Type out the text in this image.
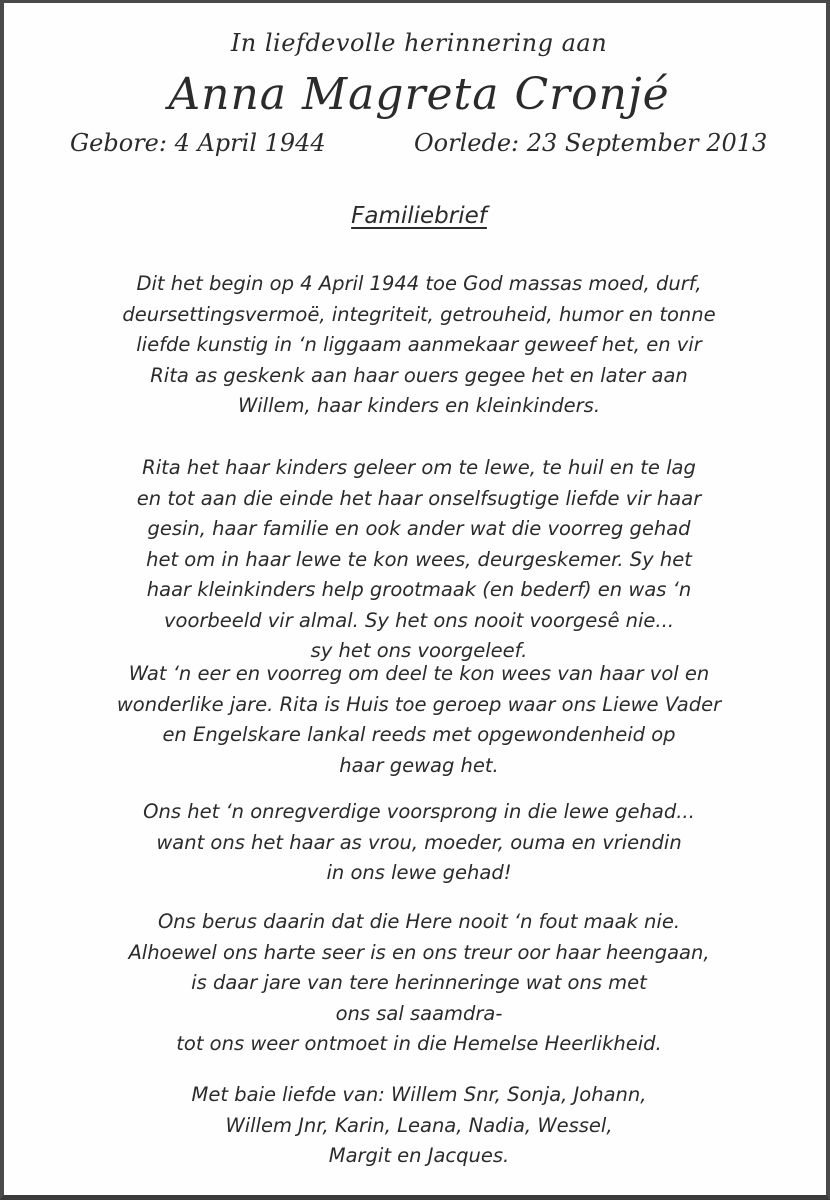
In liefdevolle herinnering aan
Anna Magreta Cronjé
Gebore: 4 April 1944	Oorlede: 23 September 2013
Familiebrief

Dit het begin op 4 April 1944 toe God massas moed, durf,
deursettingsvermoë, integriteit, getrouheid, humor en tonne
liefde kunstig in ‘n liggaam aanmekaar geweef het, en vir
Rita as geskenk aan haar ouers gegee het en later aan
Willem, haar kinders en kleinkinders.

Rita het haar kinders geleer om te lewe, te huil en te lag
en tot aan die einde het haar onselfsugtige liefde vir haar
gesin, haar familie en ook ander wat die voorreg gehad
het om in haar lewe te kon wees, deurgeskemer. Sy het
haar kleinkinders help grootmaak (en bederf) en was ‘n
voorbeeld vir almal. Sy het ons nooit voorgesê nie...
sy het ons voorgeleef.

Wat ‘n eer en voorreg om deel te kon wees van haar vol en
wonderlike jare. Rita is Huis toe geroep waar ons Liewe Vader
en Engelskare lankal reeds met opgewondenheid op
haar gewag het.

Ons het ‘n onregverdige voorsprong in die lewe gehad...
want ons het haar as vrou, moeder, ouma en vriendin
in ons lewe gehad!

Ons berus daarin dat die Here nooit ‘n fout maak nie.
Alhoewel ons harte seer is en ons treur oor haar heengaan,
is daar jare van tere herinneringe wat ons met
ons sal saamdra-
tot ons weer ontmoet in die Hemelse Heerlikheid.

Met baie liefde van: Willem Snr, Sonja, Johann,
Willem Jnr, Karin, Leana, Nadia, Wessel,
Margit en Jacques.
